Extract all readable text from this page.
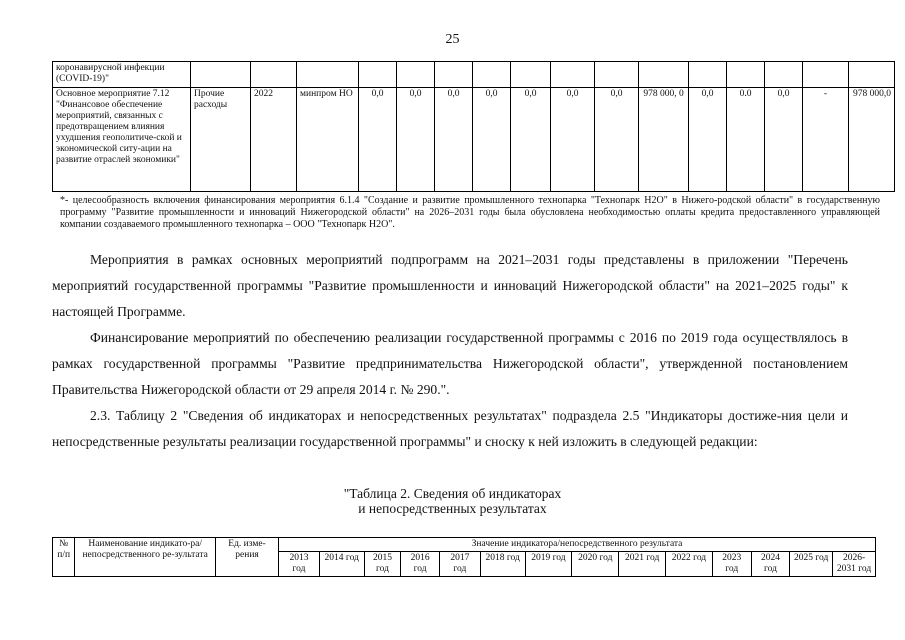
25
коронавирусной инфекции (COVID-19)"																
Основное мероприятие 7.12 "Финансовое обеспечение мероприятий, связанных с предотвращением влияния ухудшения геополитиче-ской и экономической ситу-ации на развитие отраслей экономики"	Прочие расходы	2022	минпром НО	0,0	0,0	0,0	0,0	0,0	0,0	0,0	978 000, 0	0,0	0.0	0,0	-	978 000,0
*- целесообразность включения финансирования мероприятия 6.1.4 "Создание и развитие промышленного технопарка "Технопарк H2O" в Нижего-родской области" в государственную программу "Развитие промышленности и инноваций Нижегородской области" на 2026–2031 годы была обусловлена необходимостью оплаты кредита предоставленного управляющей компании создаваемого промышленного технопарка – ООО "Технопарк Н2О".
Мероприятия в рамках основных мероприятий подпрограмм на 2021–2031 годы представлены в приложении "Перечень мероприятий государственной программы "Развитие промышленности и инноваций Нижегородской области" на 2021–2025 годы" к настоящей Программе.
Финансирование мероприятий по обеспечению реализации государственной программы с 2016 по 2019 года осуществлялось в рамках государственной программы "Развитие предпринимательства Нижегородской области", утвержденной постановлением Правительства Нижегородской области от 29 апреля 2014 г. № 290.".
2.3. Таблицу 2 "Сведения об индикаторах и непосредственных результатах" подраздела 2.5 "Индикаторы достиже-ния цели и непосредственные результаты реализации государственной программы" и сноску к ней изложить в следующей редакции:
"Таблица 2. Сведения об индикаторах
и непосредственных результатах
№ п/п	Наименование индикато-ра/непосредственного ре-зультата	Ед. изме-рения	Значение индикатора/непосредственного результата													
			2013 год	2014 год	2015 год	2016 год	2017 год	2018 год	2019 год	2020 год	2021 год	2022 год	2023 год	2024 год	2025 год	2026-2031 год
